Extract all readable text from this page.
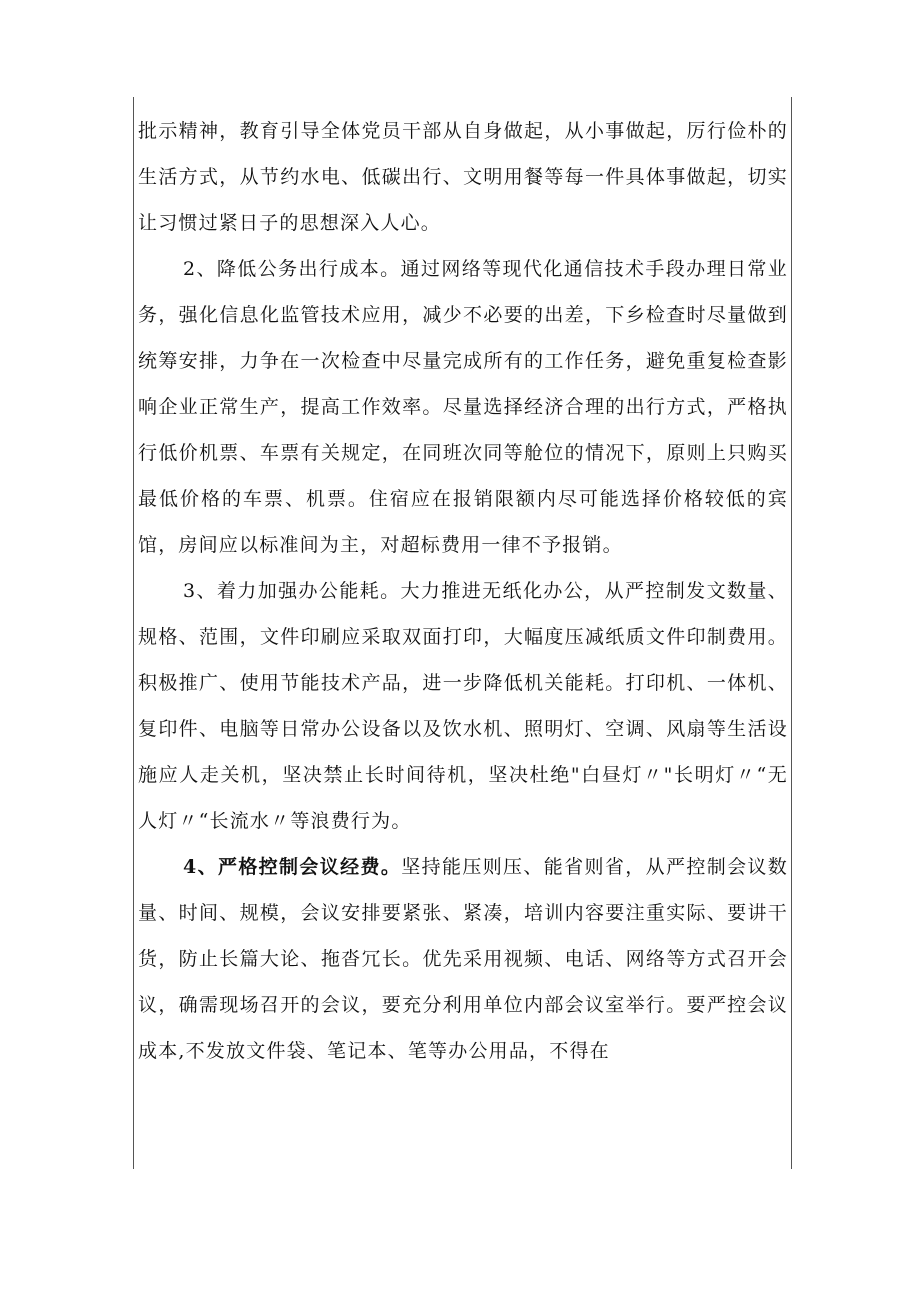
批示精神，教育引导全体党员干部从自身做起，从小事做起，厉行俭朴的生活方式，从节约水电、低碳出行、文明用餐等每一件具体事做起，切实让习惯过紧日子的思想深入人心。

2、降低公务出行成本。通过网络等现代化通信技术手段办理日常业务，强化信息化监管技术应用，减少不必要的出差，下乡检查时尽量做到统筹安排，力争在一次检查中尽量完成所有的工作任务，避免重复检查影响企业正常生产，提高工作效率。尽量选择经济合理的出行方式，严格执行低价机票、车票有关规定，在同班次同等舱位的情况下，原则上只购买最低价格的车票、机票。住宿应在报销限额内尽可能选择价格较低的宾馆，房间应以标准间为主，对超标费用一律不予报销。

3、着力加强办公能耗。大力推进无纸化办公，从严控制发文数量、规格、范围，文件印刷应采取双面打印，大幅度压减纸质文件印制费用。积极推广、使用节能技术产品，进一步降低机关能耗。打印机、一体机、复印件、电脑等日常办公设备以及饮水机、照明灯、空调、风扇等生活设施应人走关机，坚决禁止长时间待机，坚决杜绝"白昼灯〃"长明灯〃“无人灯〃“长流水〃等浪费行为。

4、严格控制会议经费。坚持能压则压、能省则省，从严控制会议数量、时间、规模，会议安排要紧张、紧凑，培训内容要注重实际、要讲干货，防止长篇大论、拖沓冗长。优先采用视频、电话、网络等方式召开会议，确需现场召开的会议，要充分利用单位内部会议室举行。要严控会议成本,不发放文件袋、笔记本、笔等办公用品，不得在
